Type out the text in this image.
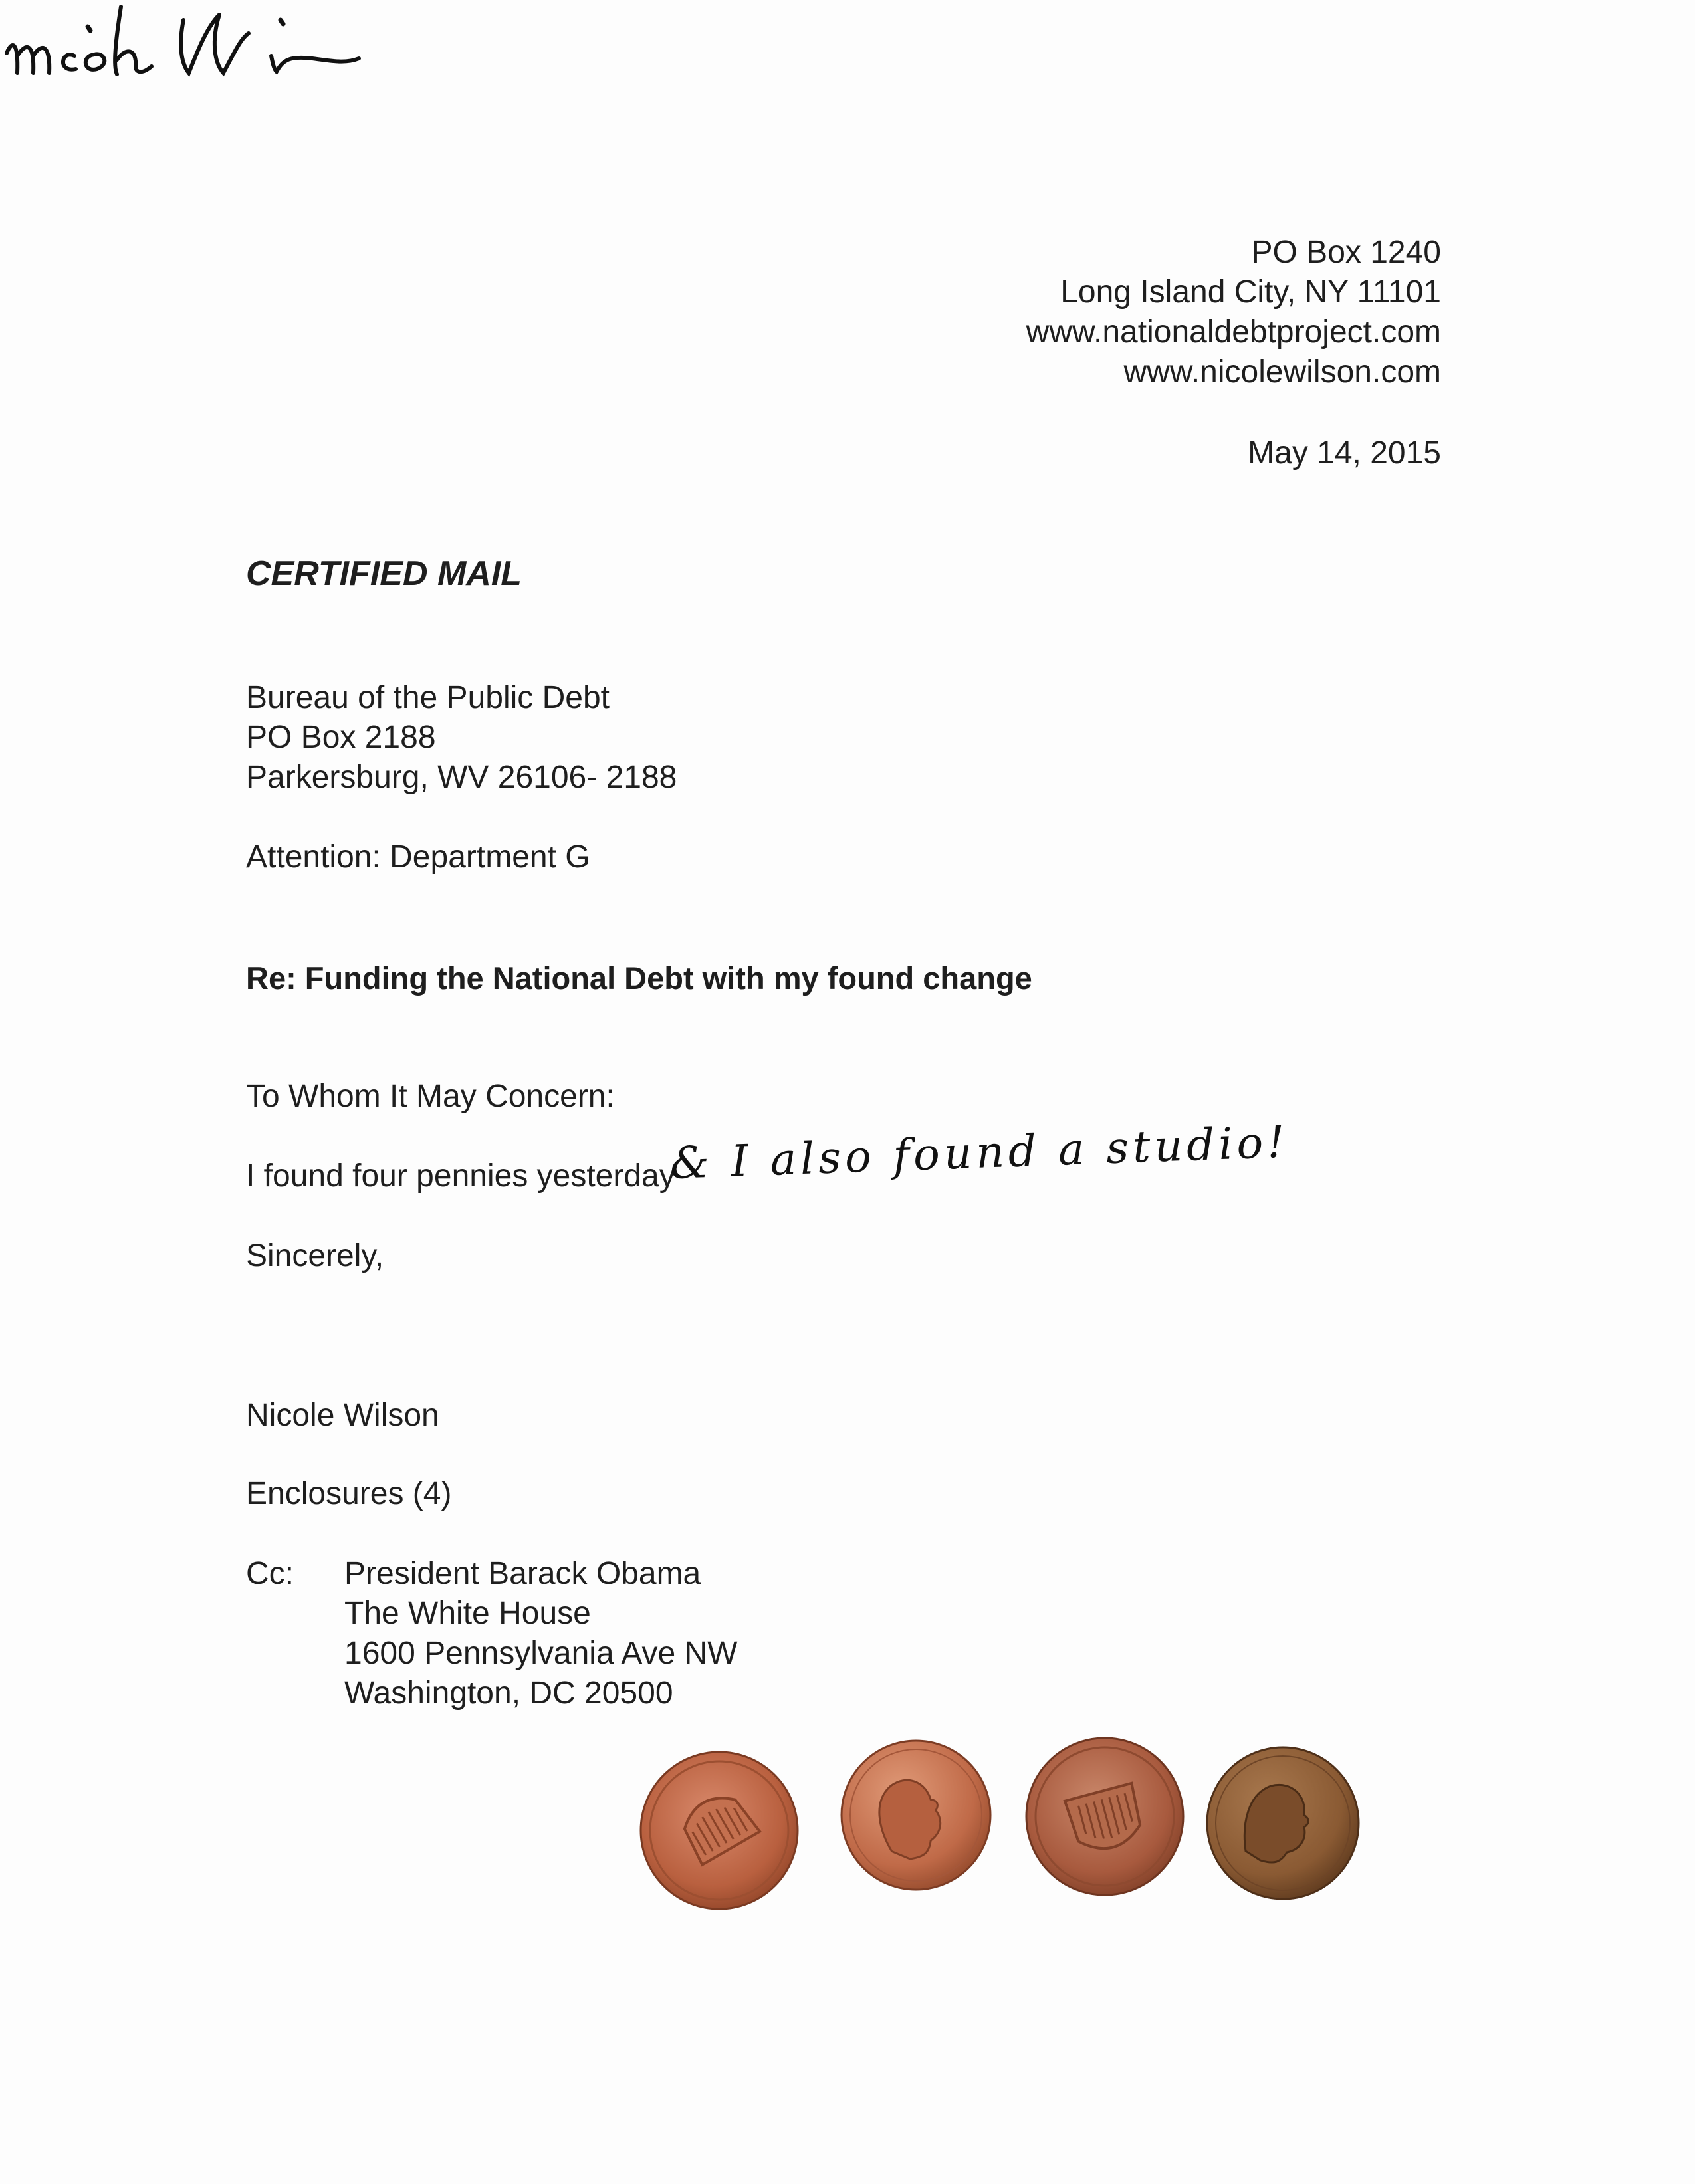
PO Box 1240
Long Island City, NY 11101
www.nationaldebtproject.com
www.nicolewilson.com
May 14, 2015
CERTIFIED MAIL
Bureau of the Public Debt
PO Box 2188
Parkersburg, WV 26106- 2188
Attention: Department G
Re: Funding the National Debt with my found change
To Whom It May Concern:
I found four pennies yesterday
& I also found a studio!
Sincerely,
Nicole Wilson
Enclosures (4)
Cc: President Barack Obama
The White House
1600 Pennsylvania Ave NW
Washington, DC 20500
